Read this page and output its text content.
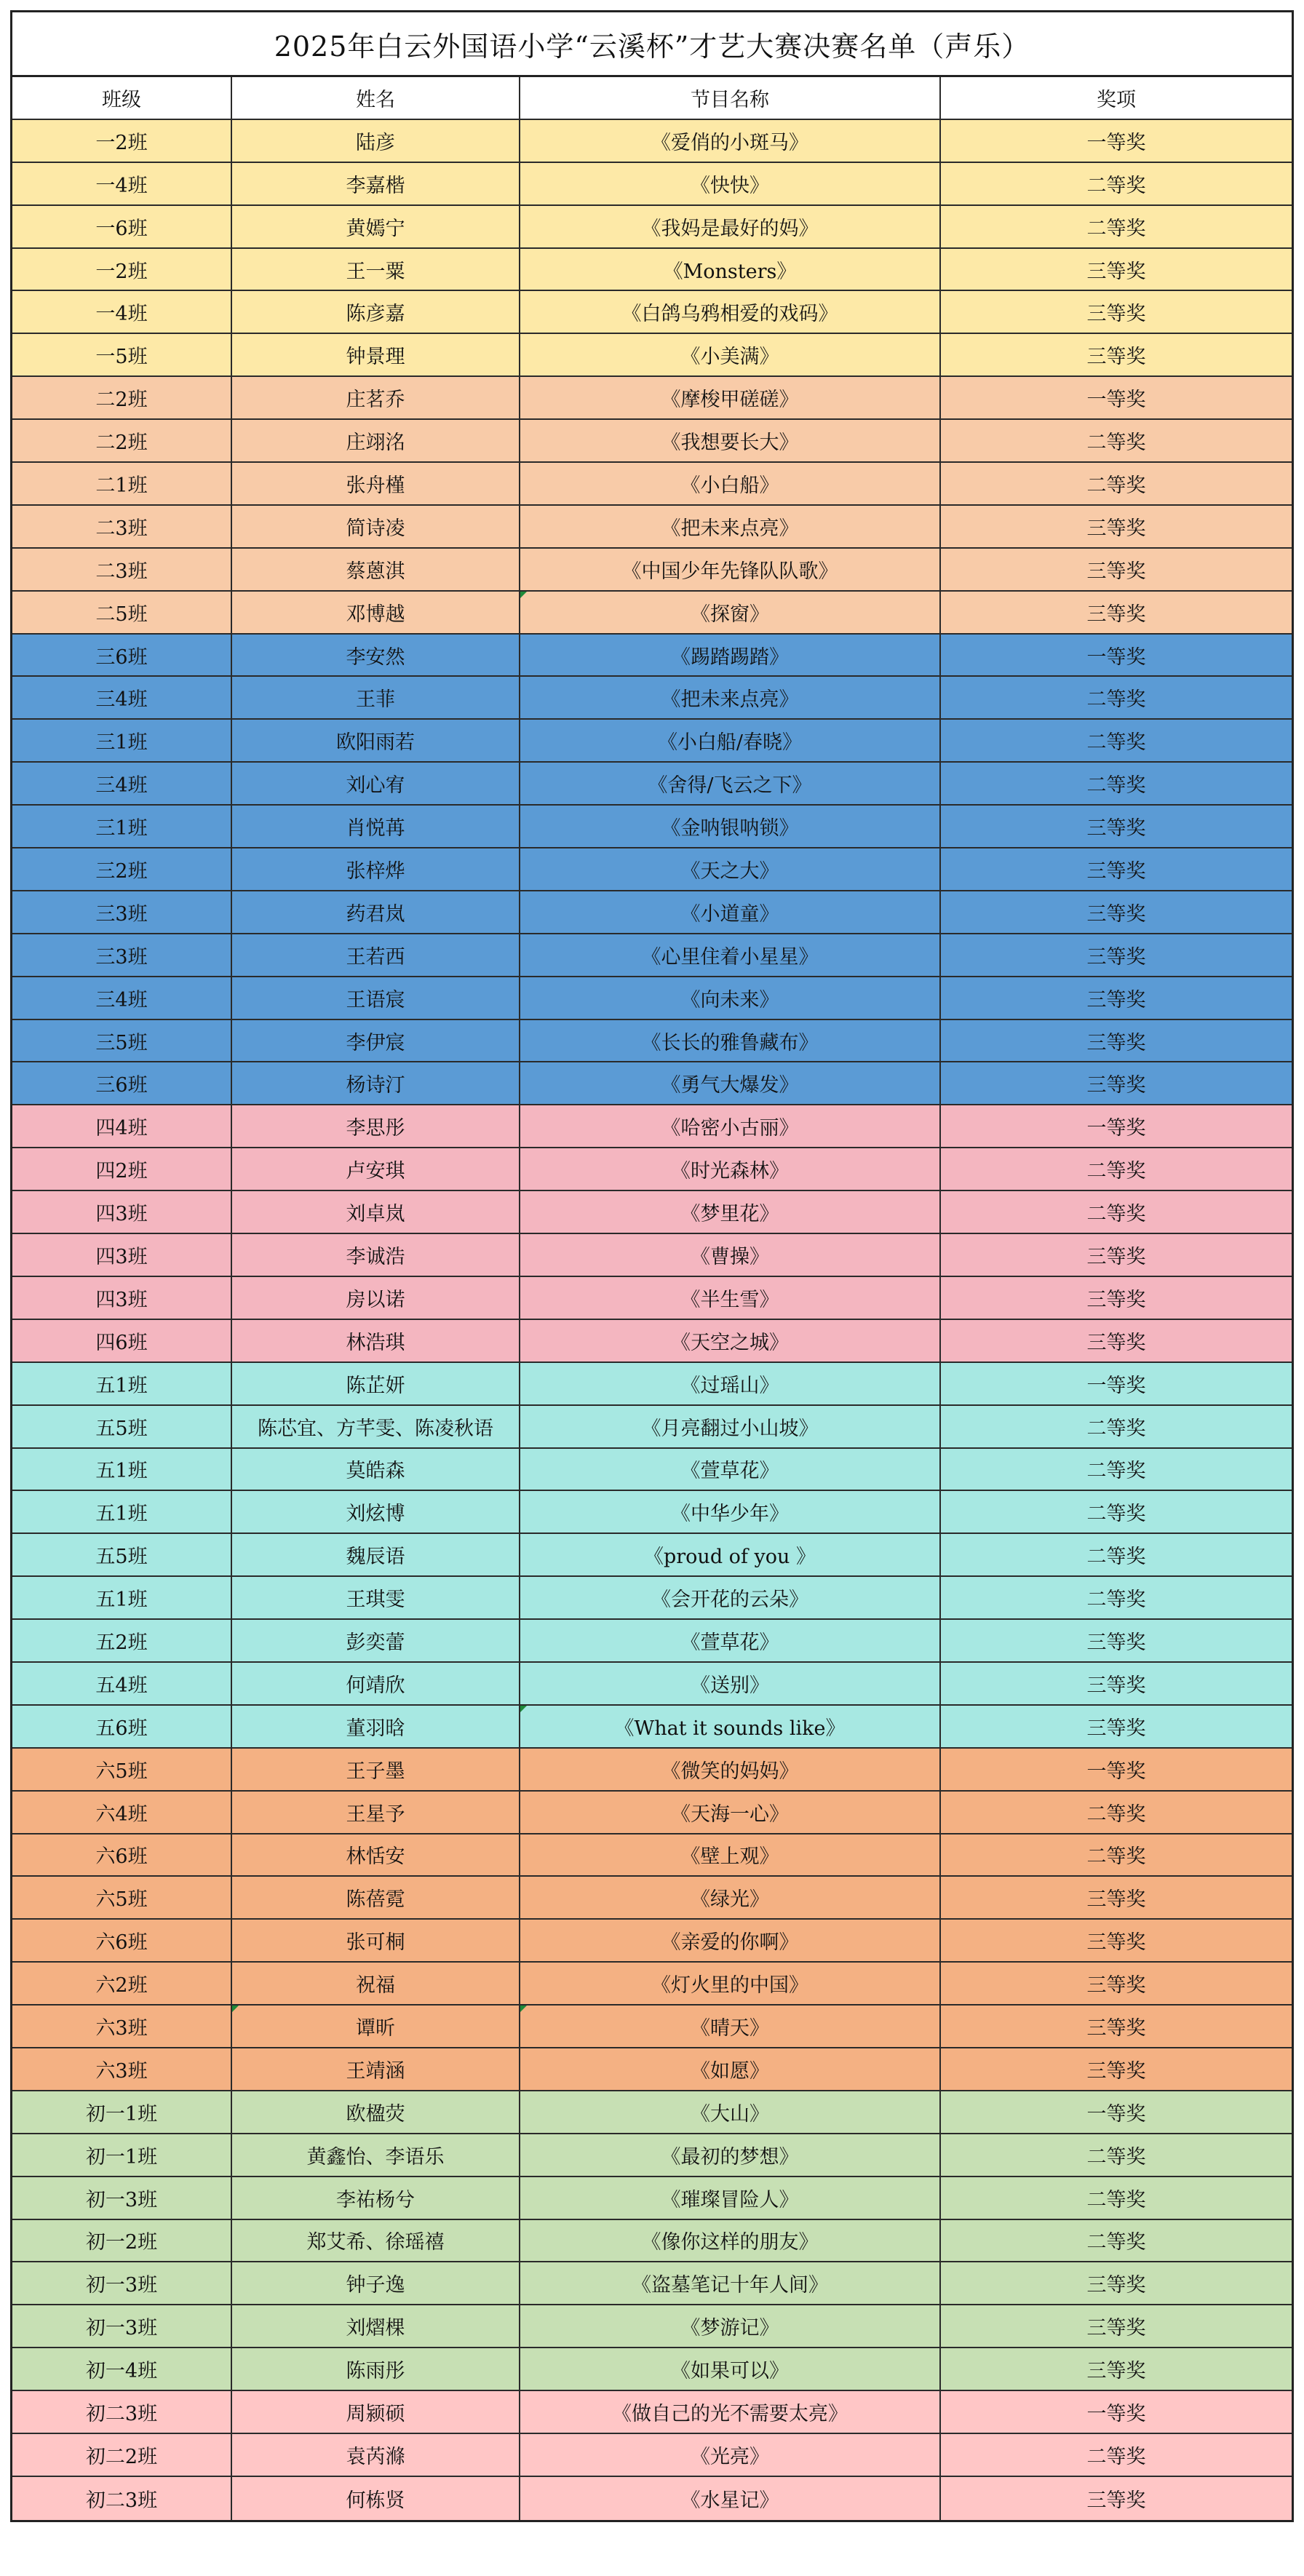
2025年白云外国语小学“云溪杯”才艺大赛决赛名单（声乐）
班级	姓名	节目名称	奖项
一2班	陆彦	《爱俏的小斑马》	一等奖
一4班	李嘉楷	《快快》	二等奖
一6班	黄嫣宁	《我妈是最好的妈》	二等奖
一2班	王一粟	《Monsters》	三等奖
一4班	陈彦嘉	《白鸽乌鸦相爱的戏码》	三等奖
一5班	钟景理	《小美满》	三等奖
二2班	庄茗乔	《摩梭甲磋磋》	一等奖
二2班	庄翊洺	《我想要长大》	二等奖
二1班	张舟槿	《小白船》	二等奖
二3班	简诗凌	《把未来点亮》	三等奖
二3班	蔡蒽淇	《中国少年先锋队队歌》	三等奖
二5班	邓博越	《探窗》	三等奖
三6班	李安然	《踢踏踢踏》	一等奖
三4班	王菲	《把未来点亮》	二等奖
三1班	欧阳雨若	《小白船/春晓》	二等奖
三4班	刘心宥	《舍得/飞云之下》	二等奖
三1班	肖悦苒	《金呐银呐锁》	三等奖
三2班	张梓烨	《天之大》	三等奖
三3班	药君岚	《小道童》	三等奖
三3班	王若西	《心里住着小星星》	三等奖
三4班	王语宸	《向未来》	三等奖
三5班	李伊宸	《长长的雅鲁藏布》	三等奖
三6班	杨诗汀	《勇气大爆发》	三等奖
四4班	李思彤	《哈密小古丽》	一等奖
四2班	卢安琪	《时光森林》	二等奖
四3班	刘卓岚	《梦里花》	二等奖
四3班	李诚浩	《曹操》	三等奖
四3班	房以诺	《半生雪》	三等奖
四6班	林浩琪	《天空之城》	三等奖
五1班	陈芷妍	《过瑶山》	一等奖
五5班	陈芯宜、方芊雯、陈凌秋语	《月亮翻过小山坡》	二等奖
五1班	莫皓森	《萱草花》	二等奖
五1班	刘炫博	《中华少年》	二等奖
五5班	魏辰语	《proud of you 》	二等奖
五1班	王琪雯	《会开花的云朵》	二等奖
五2班	彭奕蕾	《萱草花》	三等奖
五4班	何靖欣	《送别》	三等奖
五6班	董羽晗	《What it sounds like》	三等奖
六5班	王子墨	《微笑的妈妈》	一等奖
六4班	王星予	《天海一心》	二等奖
六6班	林恬安	《壁上观》	二等奖
六5班	陈蓓霓	《绿光》	三等奖
六6班	张可桐	《亲爱的你啊》	三等奖
六2班	祝福	《灯火里的中国》	三等奖
六3班	谭昕	《晴天》	三等奖
六3班	王靖涵	《如愿》	三等奖
初一1班	欧楹荧	《大山》	一等奖
初一1班	黄鑫怡、李语乐	《最初的梦想》	二等奖
初一3班	李祐杨兮	《璀璨冒险人》	二等奖
初一2班	郑艾希、徐瑶禧	《像你这样的朋友》	二等奖
初一3班	钟子逸	《盗墓笔记十年人间》	三等奖
初一3班	刘熠棵	《梦游记》	三等奖
初一4班	陈雨彤	《如果可以》	三等奖
初二3班	周颍硕	《做自己的光不需要太亮》	一等奖
初二2班	袁芮滌	《光亮》	二等奖
初二3班	何栋贤	《水星记》	三等奖
